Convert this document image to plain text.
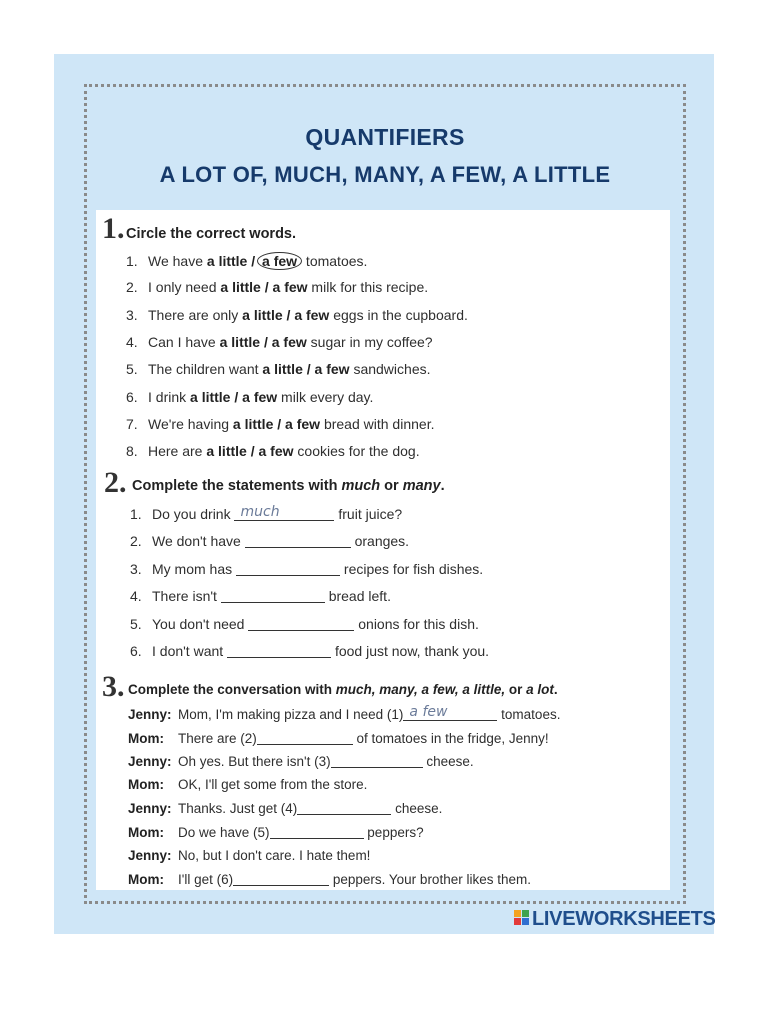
QUANTIFIERS
A LOT OF, MUCH, MANY, A FEW, A LITTLE
1. Circle the correct words.
2. Complete the statements with much or many.
3. Complete the conversation with much, many, a few, a little, or a lot.
1. We have a little / a few tomatoes.
2. I only need a little / a few milk for this recipe.
3. There are only a little / a few eggs in the cupboard.
4. Can I have a little / a few sugar in my coffee?
5. The children want a little / a few sandwiches.
6. I drink a little / a few milk every day.
7. We're having a little / a few bread with dinner.
8. Here are a little / a few cookies for the dog.
1. Do you drink much	fruit juice?
2. We don't have	oranges.
3. My mom has	recipes for fish dishes.
4. There isn't	bread left.
5. You don't need	onions for this dish.
6. I don't want	food just now, thank you.
Jenny: Mom, I'm making pizza and I need (1) a few	tomatoes.
Mom: There are (2)	of tomatoes in the fridge, Jenny!
Jenny: Oh yes. But there isn't (3)	cheese.
Mom: OK, I'll get some from the store.
Jenny: Thanks. Just get (4)	cheese.
Mom: Do we have (5)	peppers?
Jenny: No, but I don't care. I hate them!
Mom: I'll get (6)	peppers. Your brother likes them.
LIVEWORKSHEETS
